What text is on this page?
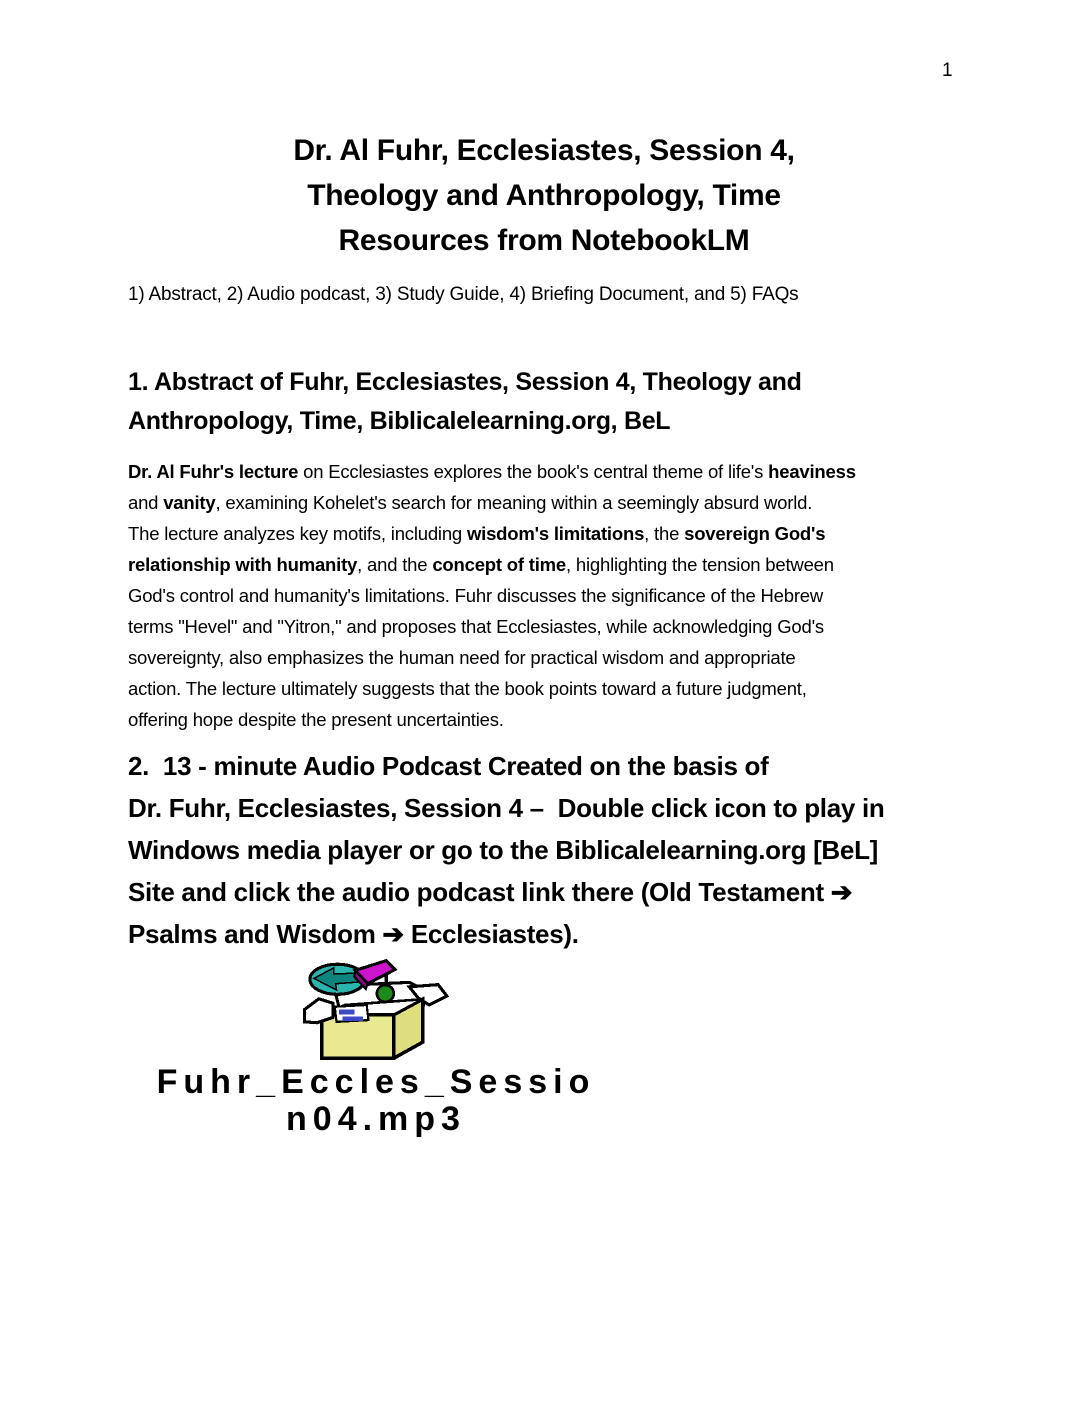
1
Dr. Al Fuhr, Ecclesiastes, Session 4,
Theology and Anthropology, Time
Resources from NotebookLM
1) Abstract, 2) Audio podcast, 3) Study Guide, 4) Briefing Document, and 5) FAQs
1. Abstract of Fuhr, Ecclesiastes, Session 4, Theology and
Anthropology, Time, Biblicalelearning.org, BeL
Dr. Al Fuhr's lecture on Ecclesiastes explores the book's central theme of life's heaviness
and vanity, examining Kohelet's search for meaning within a seemingly absurd world.
The lecture analyzes key motifs, including wisdom's limitations, the sovereign God's
relationship with humanity, and the concept of time, highlighting the tension between
God's control and humanity's limitations. Fuhr discusses the significance of the Hebrew
terms "Hevel" and "Yitron," and proposes that Ecclesiastes, while acknowledging God's
sovereignty, also emphasizes the human need for practical wisdom and appropriate
action. The lecture ultimately suggests that the book points toward a future judgment,
offering hope despite the present uncertainties.
2.  13 - minute Audio Podcast Created on the basis of
Dr. Fuhr, Ecclesiastes, Session 4 –  Double click icon to play in
Windows media player or go to the Biblicalelearning.org [BeL]
Site and click the audio podcast link there (Old Testament ➔
Psalms and Wisdom ➔ Ecclesiastes).
Fuhr_Eccles_Sessio
n04.mp3
